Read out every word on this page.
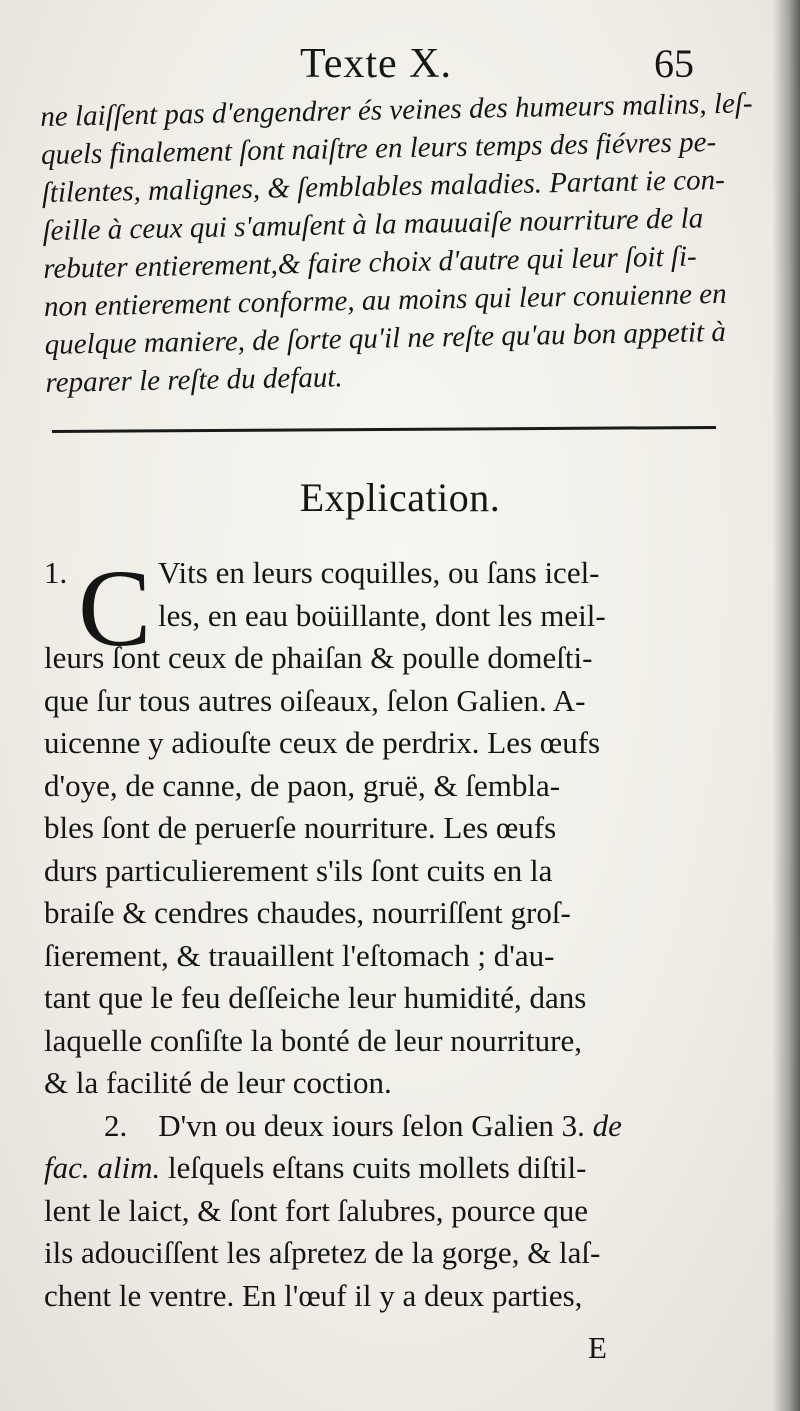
Texte X.	65
ne laiſſent pas d'engendrer és veines des humeurs malins, leſ-
quels finalement ſont naiſtre en leurs temps des fiévres pe-
ſtilentes, malignes, & ſemblables maladies. Partant ie con-
ſeille à ceux qui s'amuſent à la mauuaiſe nourriture de la
rebuter entierement,& faire choix d'autre qui leur ſoit ſi-
non entierement conforme, au moins qui leur conuienne en
quelque maniere, de ſorte qu'il ne reſte qu'au bon appetit à
reparer le reſte du defaut.
Explication.
C
1.	Vits en leurs coquilles, ou ſans icel-
les, en eau boüillante, dont les meil-
leurs ſont ceux de phaiſan & poulle domeſti-
que ſur tous autres oiſeaux, ſelon Galien. A-
uicenne y adiouſte ceux de perdrix. Les œufs
d'oye, de canne, de paon, gruë, & ſembla-
bles ſont de peruerſe nourriture. Les œufs
durs particulierement s'ils ſont cuits en la
braiſe & cendres chaudes, nourriſſent groſ-
ſierement, & trauaillent l'eſtomach ; d'au-
tant que le feu deſſeiche leur humidité, dans
laquelle conſiſte la bonté de leur nourriture,
& la facilité de leur coction.
2. D'vn ou deux iours ſelon Galien 3. de
fac. alim. leſquels eſtans cuits mollets diſtil-
lent le laict, & ſont fort ſalubres, pource que
ils adouciſſent les aſpretez de la gorge, & laſ-
chent le ventre. En l'œuf il y a deux parties,
E
